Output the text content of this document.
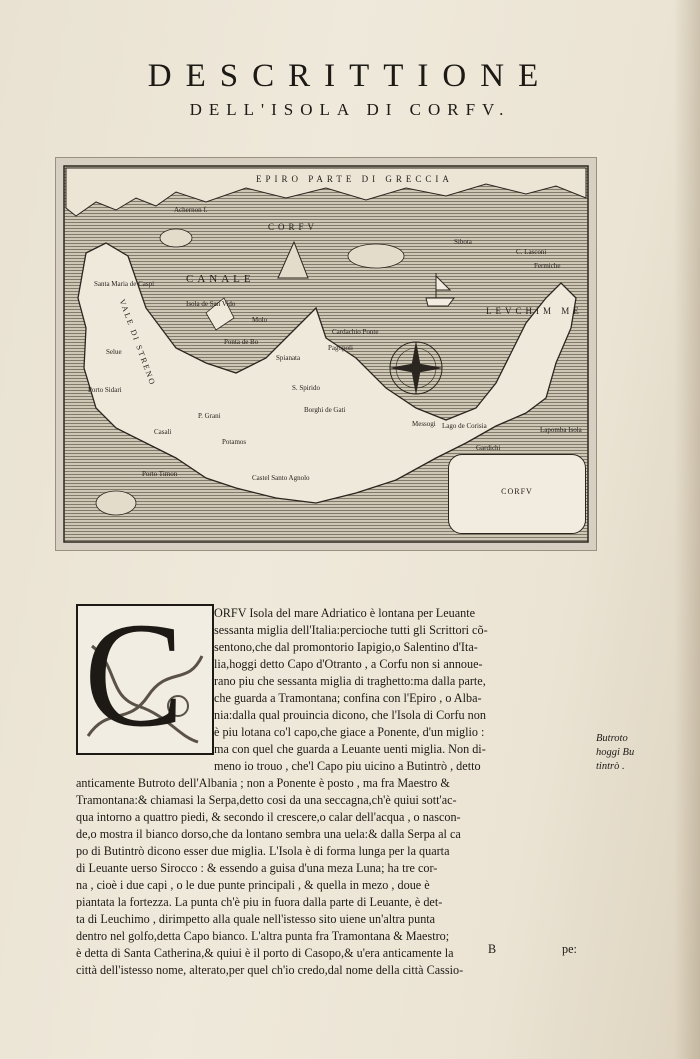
DESCRITTIONE
DELL'ISOLA DI CORFV.
EPIRO PARTE DI GRECCIA
CORFV
CANALE
LEVCHIM ME
VALE DI STRENO
Achernon f.
Santa Maria de Caspi
Sibota
C. Lasconi
Fermiche
Isola de San Vido
Molo
Ponta de Bo
Cardachio Ponte
Pagopoli
Potamos
Casali
Borghi de Gati
Spianata
Gardichi
Lago de Corisia
Selue
Porto Timon	Castel Santo Agnolo
Lapomba Isola
Messogi
S. Spirido
Porto Sidari
P. Grani
CORFV
C ORFV Isola del mare Adriatico è lontana per Leuante
sessanta miglia dell'Italia:percioche tutti gli Scrittori cõ-
sentono,che dal promontorio Iapigio,o Salentino d'Ita-
lia,hoggi detto Capo d'Otranto , a Corfu non si annoue-
rano piu che sessanta miglia di traghetto:ma dalla parte,
che guarda a Tramontana; confina con l'Epiro , o Alba-
nia:dalla qual prouincia dicono, che l'Isola di Corfu non
è piu lotana co'l capo,che giace a Ponente, d'un miglio :
ma con quel che guarda a Leuante uenti miglia. Non di-
meno io trouo , che'l Capo piu uicino a Butintrò , detto
anticamente Butroto dell'Albania ; non a Ponente è posto , ma fra Maestro &
Tramontana:& chiamasi la Serpa,detto cosi da una seccagna,ch'è quiui sott'ac-
qua intorno a quattro piedi, & secondo il crescere,o calar dell'acqua , o nascon-
de,o mostra il bianco dorso,che da lontano sembra una uela:& dalla Serpa al ca
po di Butintrò dicono esser due miglia. L'Isola è di forma lunga per la quarta
di Leuante uerso Sirocco : & essendo a guisa d'una meza Luna; ha tre cor-
na , cioè i due capi , o le due punte principali , & quella in mezo , doue è
piantata la fortezza. La punta ch'è piu in fuora dalla parte di Leuante, è det-
ta di Leuchimo , dirimpetto alla quale nell'istesso sito uiene un'altra punta
dentro nel golfo,detta Capo bianco. L'altra punta fra Tramontana & Maestro;
è detta di Santa Catherina,& quiui è il porto di Casopo,& u'era anticamente la
città dell'istesso nome, alterato,per quel ch'io credo,dal nome della città Cassio-
B	pe:
Butroto
hoggi Bu
tintrò .
